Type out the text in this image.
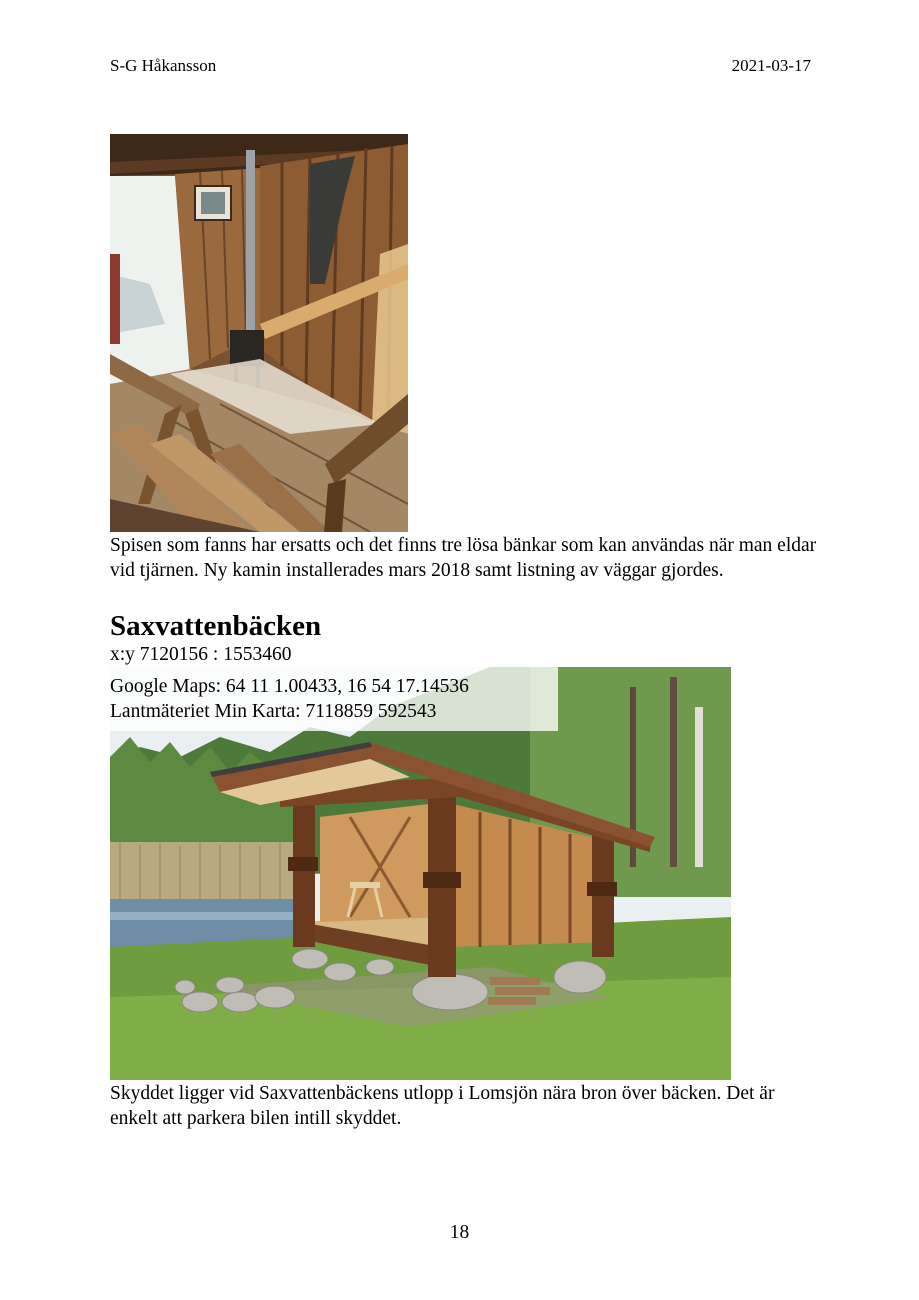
S-G Håkansson	2021-03-17
Spisen som fanns har ersatts och det finns tre lösa bänkar som kan användas när man eldar vid tjärnen. Ny kamin installerades mars 2018 samt listning av väggar gjordes.
Saxvattenbäcken
x:y 7120156 : 1553460
Google Maps: 64 11 1.00433, 16 54 17.14536
Lantmäteriet Min Karta: 7118859 592543
Skyddet ligger vid Saxvattenbäckens utlopp i Lomsjön nära bron över bäcken. Det är enkelt att parkera bilen intill skyddet.
18
